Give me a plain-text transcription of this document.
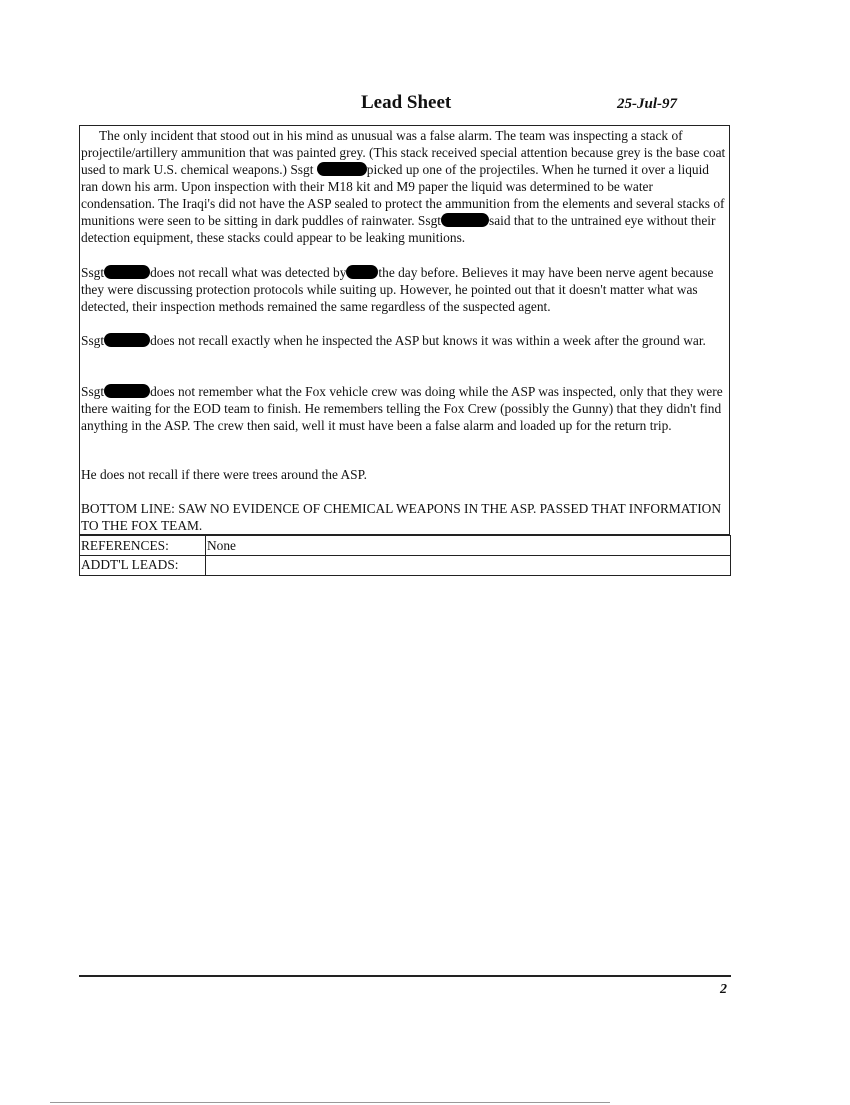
Lead Sheet	25-Jul-97

The only incident that stood out in his mind as unusual was a false alarm. The team was inspecting a stack of projectile/artillery ammunition that was painted grey. (This stack received special attention because grey is the base coat used to mark U.S. chemical weapons.) Ssgt	picked up one of the projectiles. When he turned it over a liquid ran down his arm. Upon inspection with their M18 kit and M9 paper the liquid was determined to be water condensation. The Iraqi's did not have the ASP sealed to protect the ammunition from the elements and several stacks of munitions were seen to be sitting in dark puddles of rainwater. Ssgt	said that to the untrained eye without their detection equipment, these stacks could appear to be leaking munitions.

Ssgt	does not recall what was detected by the day before. Believes it may have been nerve agent because they were discussing protection protocols while suiting up. However, he pointed out that it doesn't matter what was detected, their inspection methods remained the same regardless of the suspected agent.

Ssgt	does not recall exactly when he inspected the ASP but knows it was within a week after the ground war.

Ssgt	does not remember what the Fox vehicle crew was doing while the ASP was inspected, only that they were there waiting for the EOD team to finish. He remembers telling the Fox Crew (possibly the Gunny) that they didn't find anything in the ASP. The crew then said, well it must have been a false alarm and loaded up for the return trip.

He does not recall if there were trees around the ASP.

BOTTOM LINE: SAW NO EVIDENCE OF CHEMICAL WEAPONS IN THE ASP. PASSED THAT INFORMATION TO THE FOX TEAM.

REFERENCES:	None
ADDT'L LEADS:
2
